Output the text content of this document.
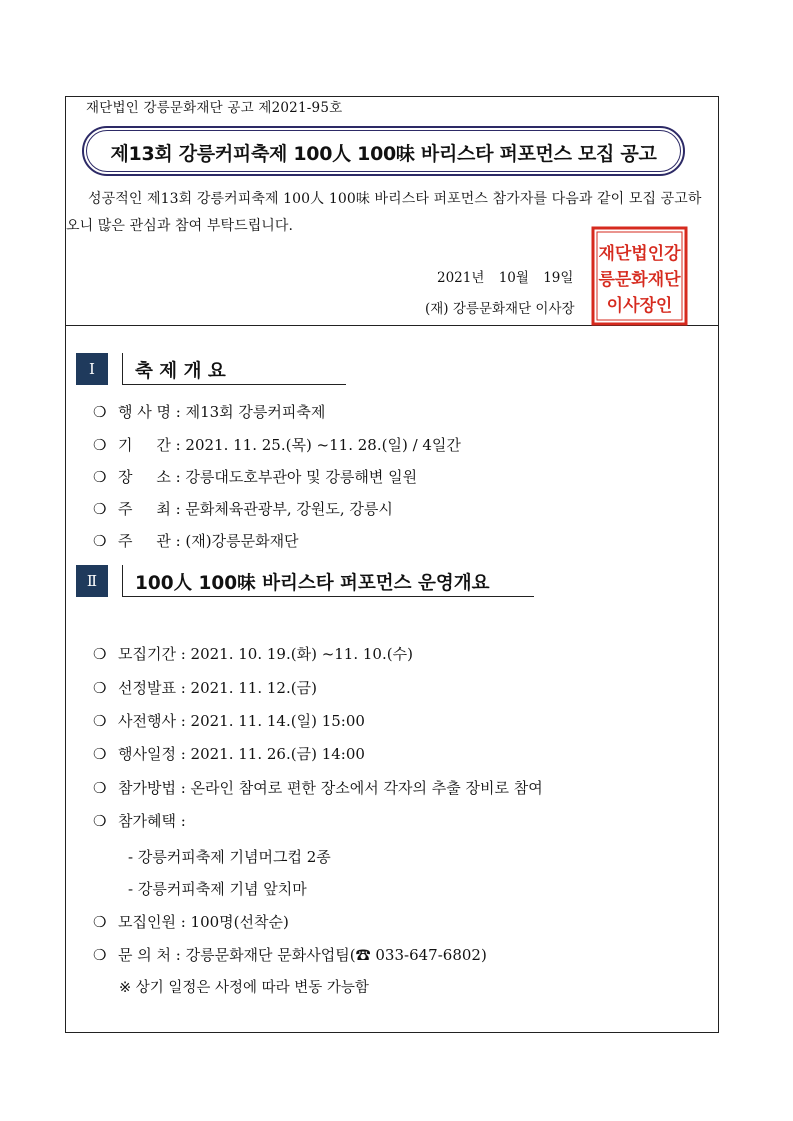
재단법인 강릉문화재단 공고 제2021-95호
제13회 강릉커피축제 100人 100味 바리스타 퍼포먼스 모집 공고
성공적인 제13회 강릉커피축제 100人 100味 바리스타 퍼포먼스 참가자를 다음과 같이 모집 공고하오니 많은 관심과 참여 부탁드립니다.
2021년 10월 19일
(재) 강릉문화재단 이사장
재단법인강
릉문화재단
이사장인
Ⅰ	축 제 개 요
❍ 행 사 명 : 제13회 강릉커피축제
❍ 기     간 : 2021. 11. 25.(목) ~11. 28.(일) / 4일간
❍ 장     소 : 강릉대도호부관아 및 강릉해변 일원
❍ 주     최 : 문화체육관광부, 강원도, 강릉시
❍ 주     관 : (재)강릉문화재단
Ⅱ	100人 100味 바리스타 퍼포먼스 운영개요
❍ 모집기간 : 2021. 10. 19.(화) ~11. 10.(수)
❍ 선정발표 : 2021. 11. 12.(금)
❍ 사전행사 : 2021. 11. 14.(일) 15:00
❍ 행사일정 : 2021. 11. 26.(금) 14:00
❍ 참가방법 : 온라인 참여로 편한 장소에서 각자의 추출 장비로 참여
❍ 참가혜택 :
- 강릉커피축제 기념머그컵 2종
- 강릉커피축제 기념 앞치마
❍ 모집인원 : 100명(선착순)
❍ 문 의 처 : 강릉문화재단 문화사업팀(☎ 033-647-6802)
※ 상기 일정은 사정에 따라 변동 가능함
